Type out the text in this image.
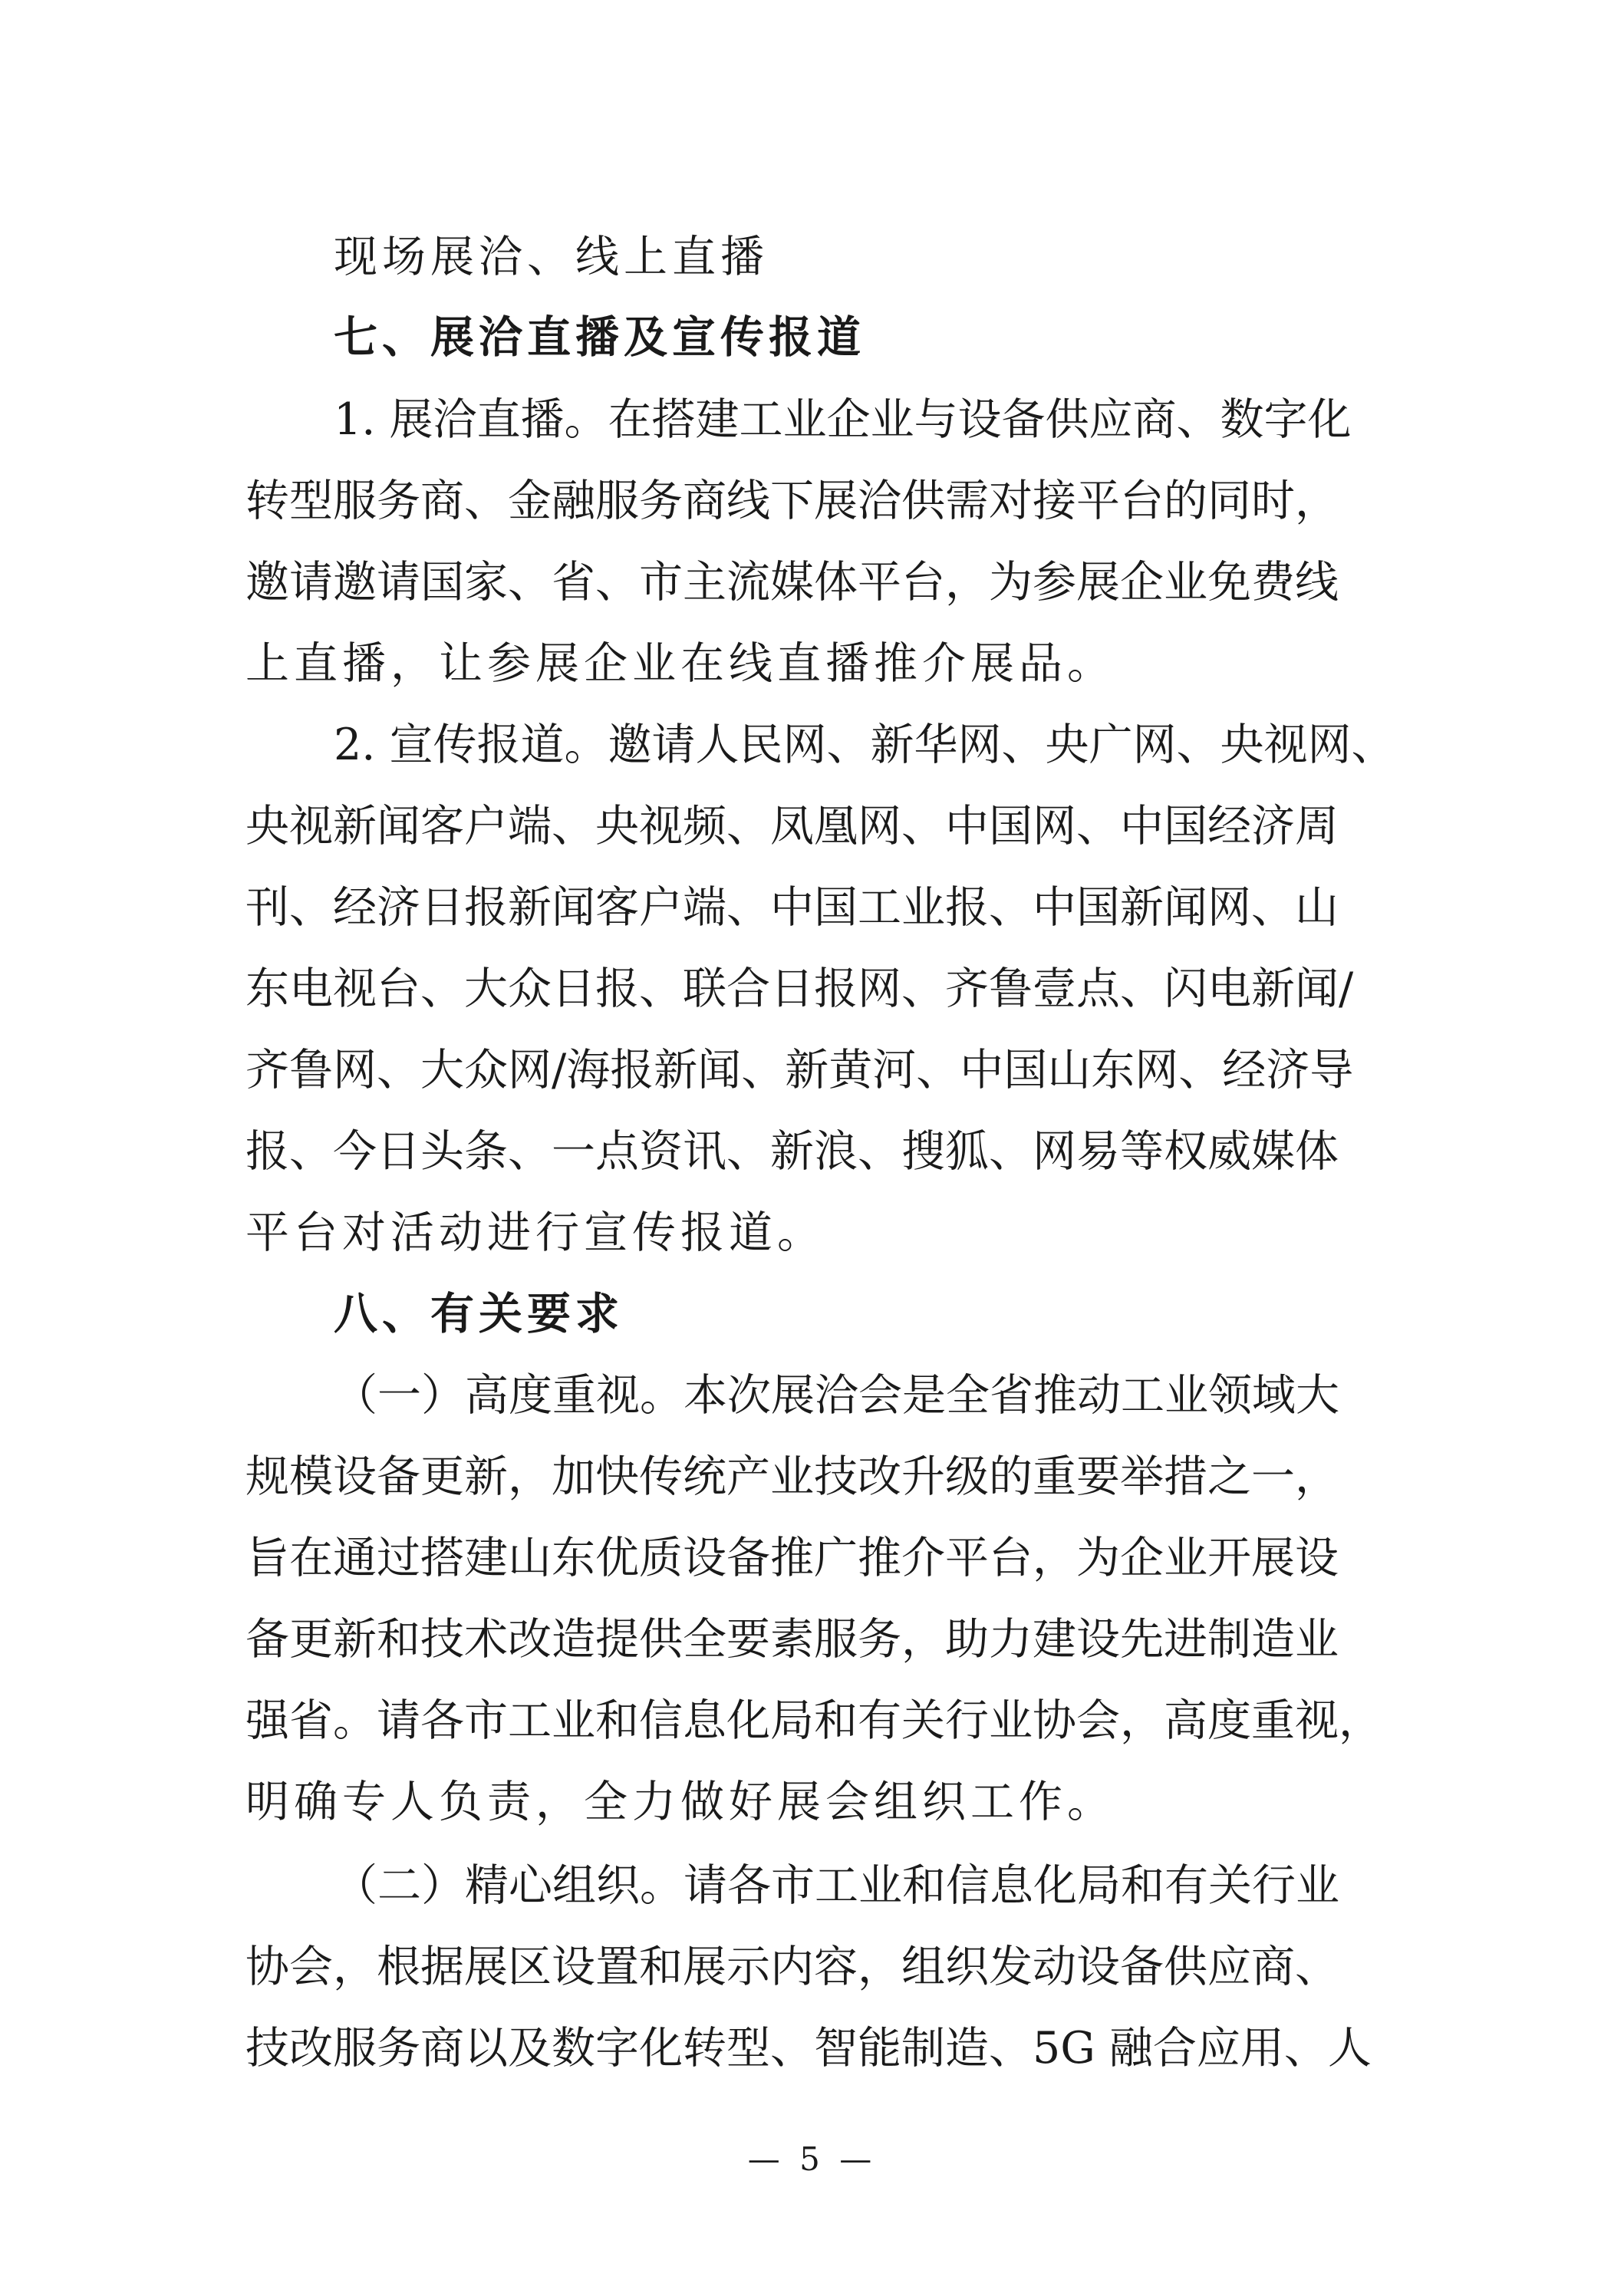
现场展洽、线上直播
七、展洽直播及宣传报道
1. 展洽直播。在搭建工业企业与设备供应商、数字化
转型服务商、金融服务商线下展洽供需对接平台的同时，
邀请邀请国家、省、市主流媒体平台，为参展企业免费线
上直播，让参展企业在线直播推介展品。
2. 宣传报道。邀请人民网、新华网、央广网、央视网、
央视新闻客户端、央视频、凤凰网、中国网、中国经济周
刊、经济日报新闻客户端、中国工业报、中国新闻网、山
东电视台、大众日报、联合日报网、齐鲁壹点、闪电新闻/
齐鲁网、大众网/海报新闻、新黄河、中国山东网、经济导
报、今日头条、一点资讯、新浪、搜狐、网易等权威媒体
平台对活动进行宣传报道。
八、有关要求
（一）高度重视。本次展洽会是全省推动工业领域大
规模设备更新，加快传统产业技改升级的重要举措之一，
旨在通过搭建山东优质设备推广推介平台，为企业开展设
备更新和技术改造提供全要素服务，助力建设先进制造业
强省。请各市工业和信息化局和有关行业协会，高度重视，
明确专人负责，全力做好展会组织工作。
（二）精心组织。请各市工业和信息化局和有关行业
协会，根据展区设置和展示内容，组织发动设备供应商、
技改服务商以及数字化转型、智能制造、5G 融合应用、人
— 5 —
